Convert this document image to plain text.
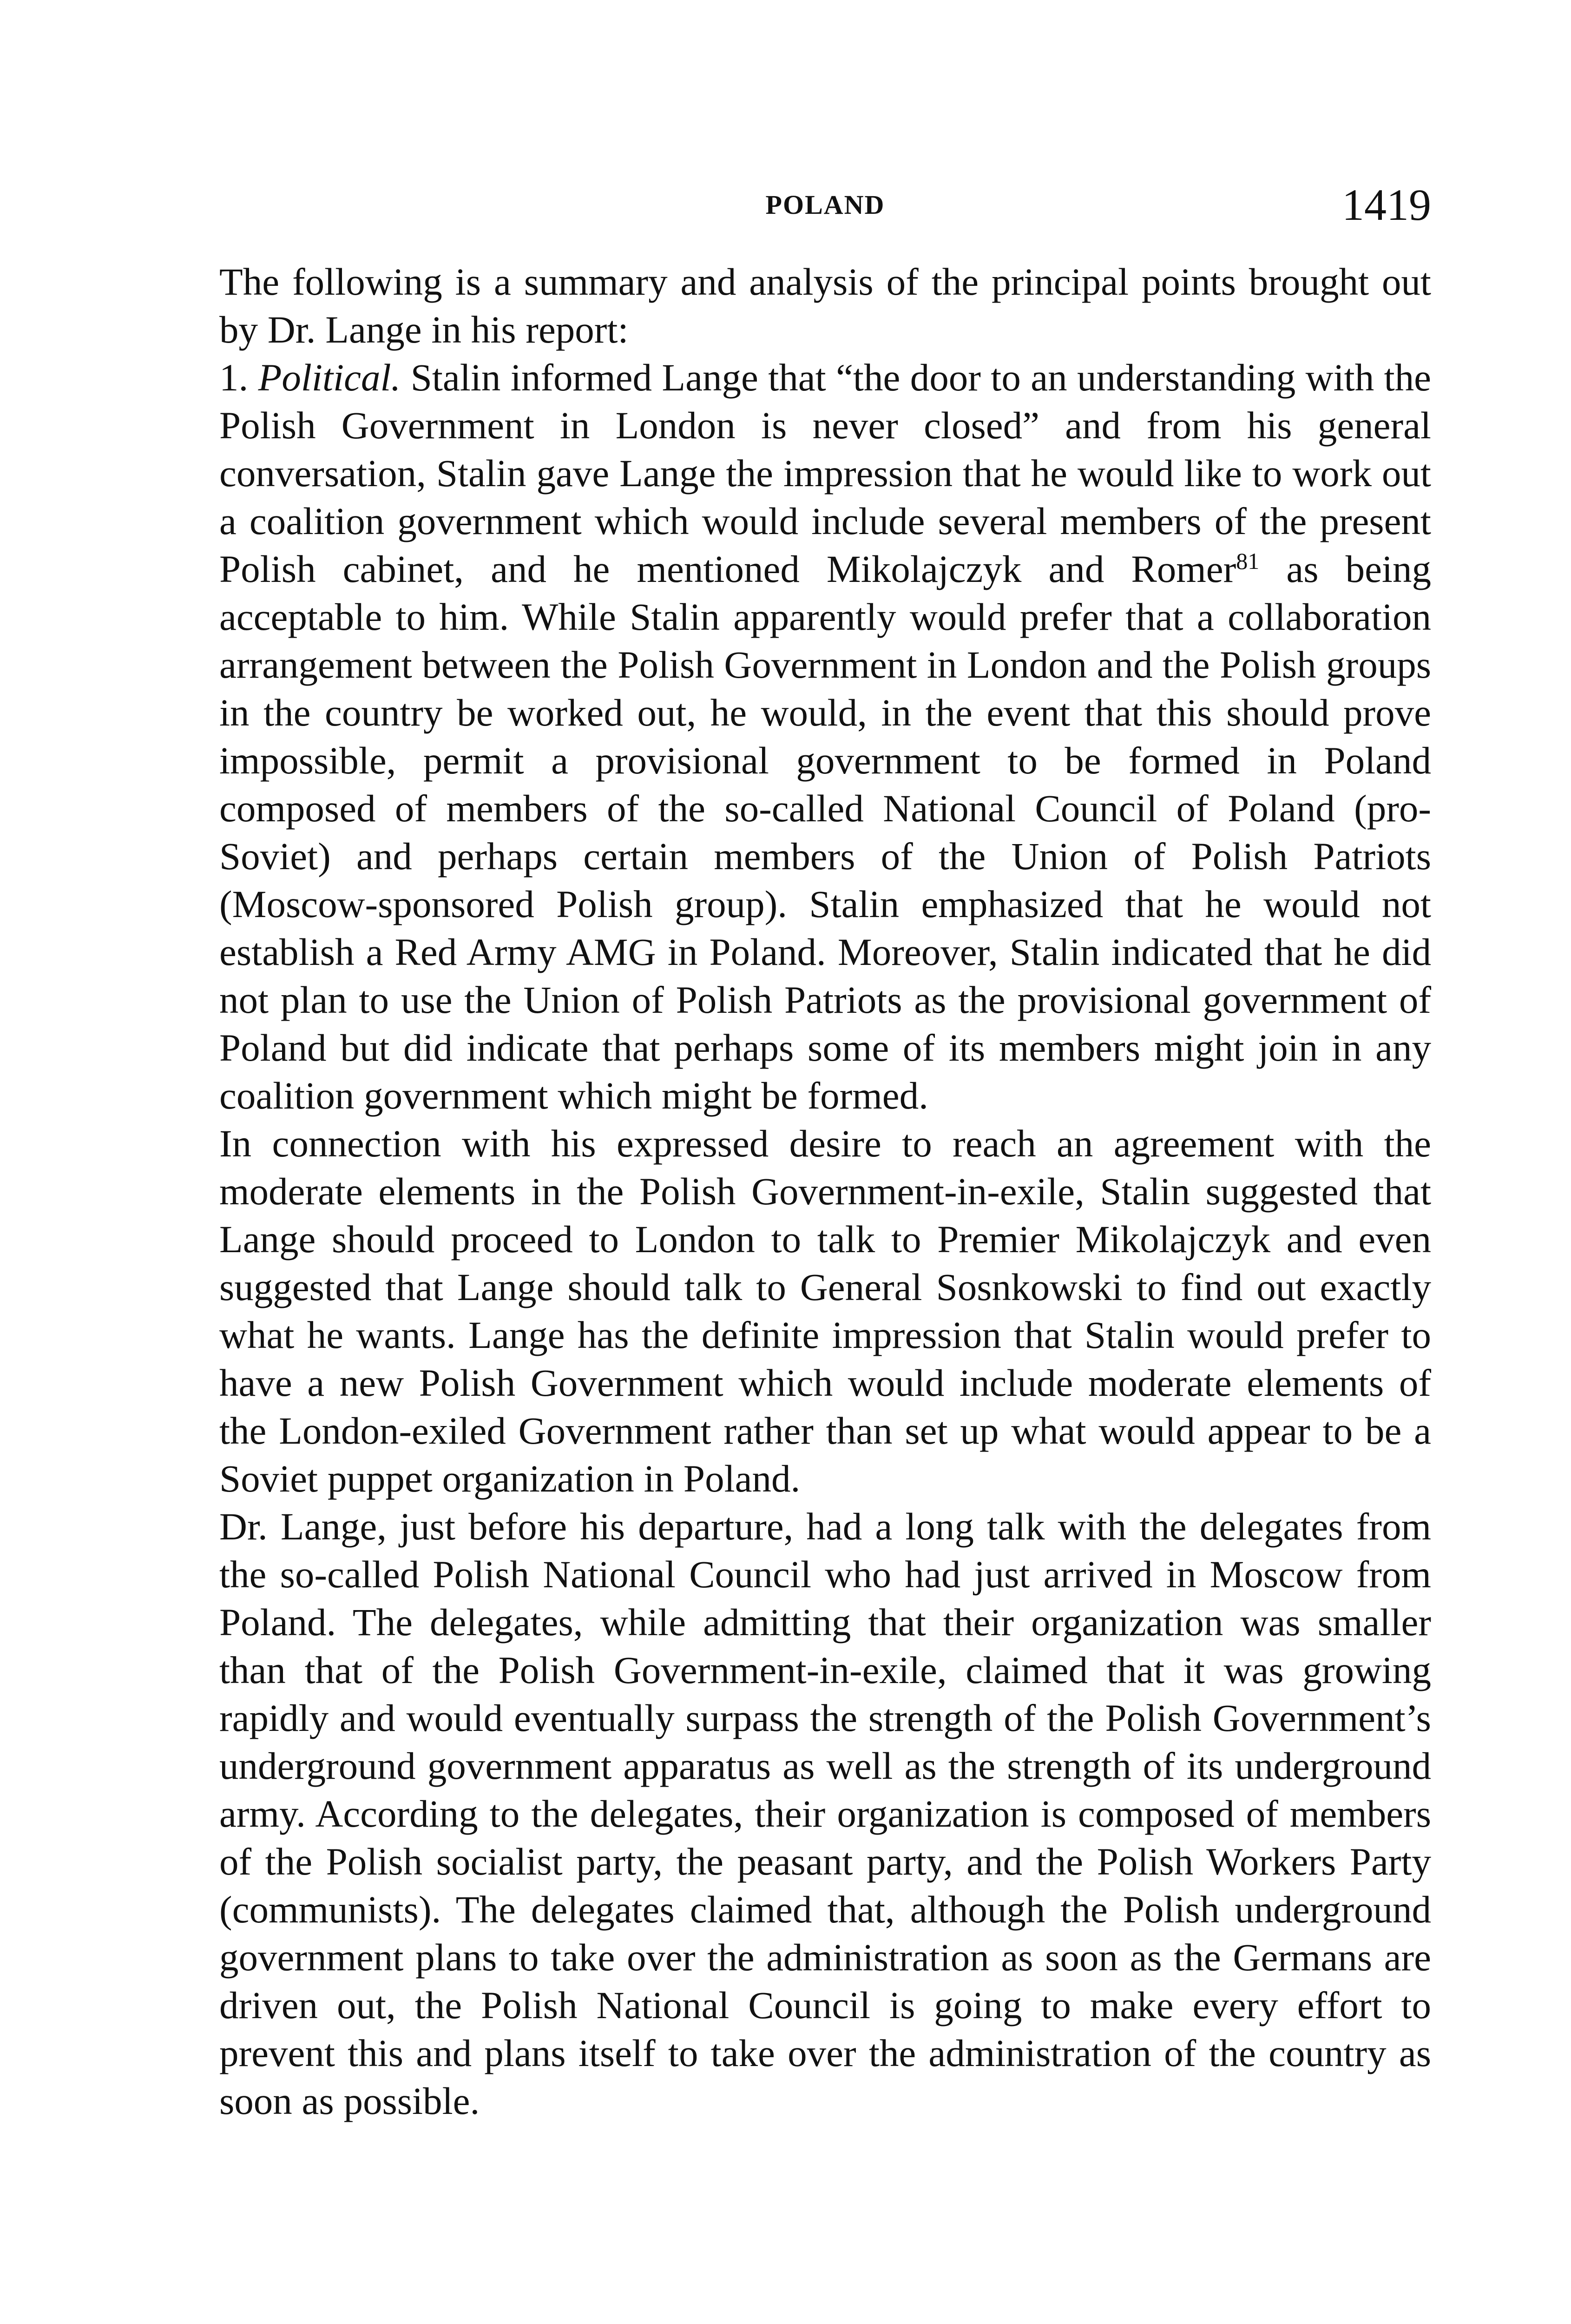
POLAND	1419

The following is a summary and analysis of the principal points brought out by Dr. Lange in his report:

1. Political. Stalin informed Lange that “the door to an understanding with the Polish Government in London is never closed” and from his general conversation, Stalin gave Lange the impression that he would like to work out a coalition government which would include several members of the present Polish cabinet, and he mentioned Mikolajczyk and Romer$^{81}$ as being acceptable to him. While Stalin apparently would prefer that a collaboration arrangement between the Polish Government in London and the Polish groups in the country be worked out, he would, in the event that this should prove impossible, permit a provisional government to be formed in Poland composed of members of the so-called National Council of Poland (pro-Soviet) and perhaps certain members of the Union of Polish Patriots (Moscow-sponsored Polish group). Stalin emphasized that he would not establish a Red Army AMG in Poland. Moreover, Stalin indicated that he did not plan to use the Union of Polish Patriots as the provisional government of Poland but did indicate that perhaps some of its members might join in any coalition government which might be formed.

In connection with his expressed desire to reach an agreement with the moderate elements in the Polish Government-in-exile, Stalin suggested that Lange should proceed to London to talk to Premier Mikolajczyk and even suggested that Lange should talk to General Sosnkowski to find out exactly what he wants. Lange has the definite impression that Stalin would prefer to have a new Polish Government which would include moderate elements of the London-exiled Government rather than set up what would appear to be a Soviet puppet organization in Poland.

Dr. Lange, just before his departure, had a long talk with the delegates from the so-called Polish National Council who had just arrived in Moscow from Poland. The delegates, while admitting that their organization was smaller than that of the Polish Government-in-exile, claimed that it was growing rapidly and would eventually surpass the strength of the Polish Government’s underground government apparatus as well as the strength of its underground army. According to the delegates, their organization is composed of members of the Polish socialist party, the peasant party, and the Polish Workers Party (communists). The delegates claimed that, although the Polish underground government plans to take over the administration as soon as the Germans are driven out, the Polish National Council is going to make every effort to prevent this and plans itself to take over the administration of the country as soon as possible.
